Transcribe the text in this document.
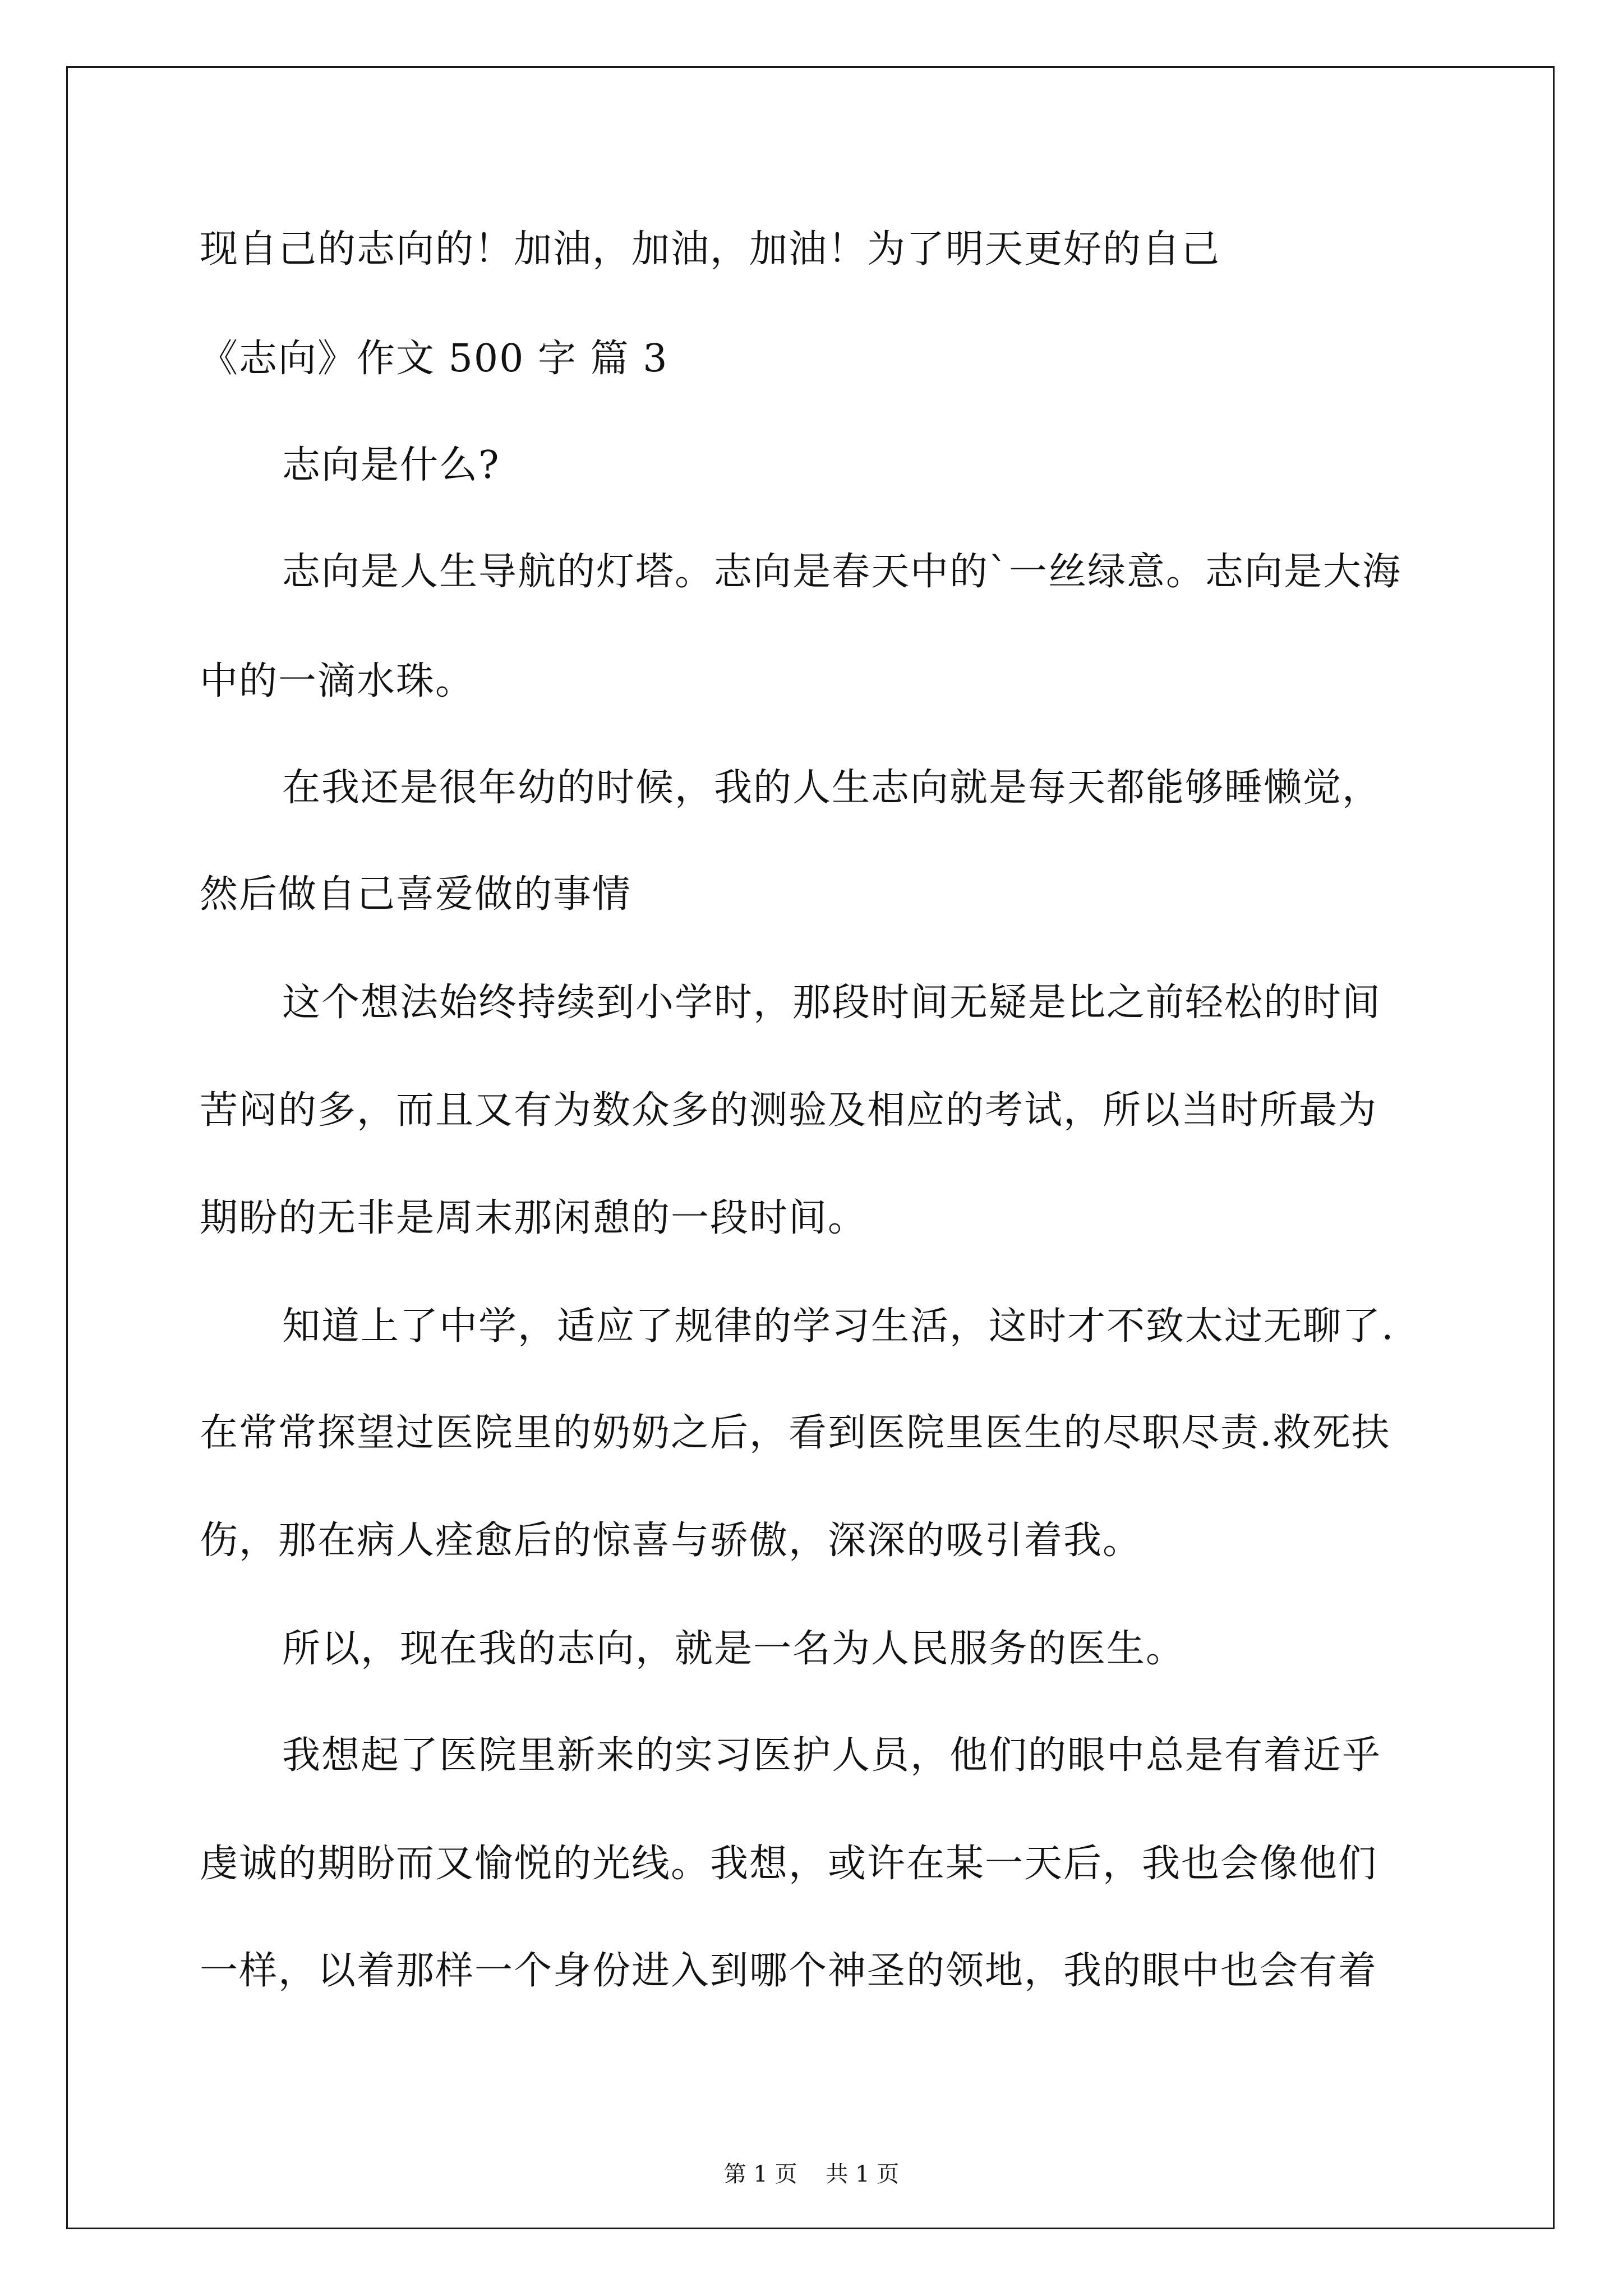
现自己的志向的！加油，加油，加油！为了明天更好的自己
《志向》作文 500 字 篇 3
志向是什么?
志向是人生导航的灯塔。志向是春天中的`一丝绿意。志向是大海
中的一滴水珠。
在我还是很年幼的时候，我的人生志向就是每天都能够睡懒觉，
然后做自己喜爱做的事情
这个想法始终持续到小学时，那段时间无疑是比之前轻松的时间
苦闷的多，而且又有为数众多的测验及相应的考试，所以当时所最为
期盼的无非是周末那闲憩的一段时间。
知道上了中学，适应了规律的学习生活，这时才不致太过无聊了.
在常常探望过医院里的奶奶之后，看到医院里医生的尽职尽责.救死扶
伤，那在病人痊愈后的惊喜与骄傲，深深的吸引着我。
所以，现在我的志向，就是一名为人民服务的医生。
我想起了医院里新来的实习医护人员，他们的眼中总是有着近乎
虔诚的期盼而又愉悦的光线。我想，或许在某一天后，我也会像他们
一样，以着那样一个身份进入到哪个神圣的领地，我的眼中也会有着
第 1 页    共 1 页
